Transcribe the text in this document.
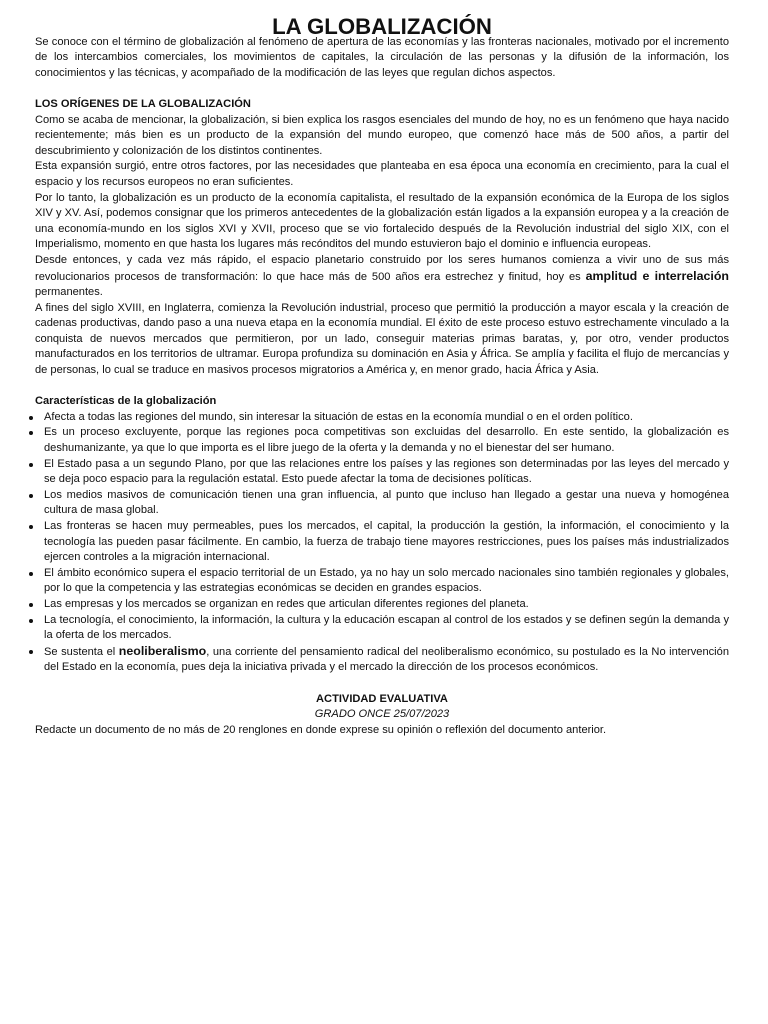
LA GLOBALIZACIÓN

Se conoce con el término de globalización al fenómeno de apertura de las economías y las fronteras nacionales, motivado por el incremento de los intercambios comerciales, los movimientos de capitales, la circulación de las personas y la difusión de la información, los conocimientos y las técnicas, y acompañado de la modificación de las leyes que regulan dichos aspectos.

LOS ORÍGENES DE LA GLOBALIZACIÓN

Como se acaba de mencionar, la globalización, si bien explica los rasgos esenciales del mundo de hoy, no es un fenómeno que haya nacido recientemente; más bien es un producto de la expansión del mundo europeo, que comenzó hace más de 500 años, a partir del descubrimiento y colonización de los distintos continentes.

Esta expansión surgió, entre otros factores, por las necesidades que planteaba en esa época una economía en crecimiento, para la cual el espacio y los recursos europeos no eran suficientes.

Por lo tanto, la globalización es un producto de la economía capitalista, el resultado de la expansión económica de la Europa de los siglos XIV y XV. Así, podemos consignar que los primeros antecedentes de la globalización están ligados a la expansión europea y a la creación de una economía-mundo en los siglos XVI y XVII, proceso que se vio fortalecido después de la Revolución industrial del siglo XIX, con el Imperialismo, momento en que hasta los lugares más recónditos del mundo estuvieron bajo el dominio e influencia europeas.

Desde entonces, y cada vez más rápido, el espacio planetario construido por los seres humanos comienza a vivir uno de sus más revolucionarios procesos de transformación: lo que hace más de 500 años era estrechez y finitud, hoy es amplitud e interrelación permanentes.

A fines del siglo XVIII, en Inglaterra, comienza la Revolución industrial, proceso que permitió la producción a mayor escala y la creación de cadenas productivas, dando paso a una nueva etapa en la economía mundial. El éxito de este proceso estuvo estrechamente vinculado a la conquista de nuevos mercados que permitieron, por un lado, conseguir materias primas baratas, y, por otro, vender productos manufacturados en los territorios de ultramar. Europa profundiza su dominación en Asia y África. Se amplía y facilita el flujo de mercancías y de personas, lo cual se traduce en masivos procesos migratorios a América y, en menor grado, hacia África y Asia.

Características de la globalización

Afecta a todas las regiones del mundo, sin interesar la situación de estas en la economía mundial o en el orden político.
Es un proceso excluyente, porque las regiones poca competitivas son excluidas del desarrollo. En este sentido, la globalización es deshumanizante, ya que lo que importa es el libre juego de la oferta y la demanda y no el bienestar del ser humano.
El Estado pasa a un segundo Plano, por que las relaciones entre los países y las regiones son determinadas por las leyes del mercado y se deja poco espacio para la regulación estatal. Esto puede afectar la toma de decisiones políticas.
Los medios masivos de comunicación tienen una gran influencia, al punto que incluso han llegado a gestar una nueva y homogénea cultura de masa global.
Las fronteras se hacen muy permeables, pues los mercados, el capital, la producción la gestión, la información, el conocimiento y la tecnología las pueden pasar fácilmente. En cambio, la fuerza de trabajo tiene mayores restricciones, pues los países más industrializados ejercen controles a la migración internacional.
El ámbito económico supera el espacio territorial de un Estado, ya no hay un solo mercado nacionales sino también regionales y globales, por lo que la competencia y las estrategias económicas se deciden en grandes espacios.
Las empresas y los mercados se organizan en redes que articulan diferentes regiones del planeta.
La tecnología, el conocimiento, la información, la cultura y la educación escapan al control de los estados y se definen según la demanda y la oferta de los mercados.
Se sustenta el neoliberalismo, una corriente del pensamiento radical del neoliberalismo económico, su postulado es la No intervención del Estado en la economía, pues deja la iniciativa privada y el mercado la dirección de los procesos económicos.

ACTIVIDAD EVALUATIVA

GRADO ONCE 25/07/2023

Redacte un documento de no más de 20 renglones en donde exprese su opinión o reflexión del documento anterior.
